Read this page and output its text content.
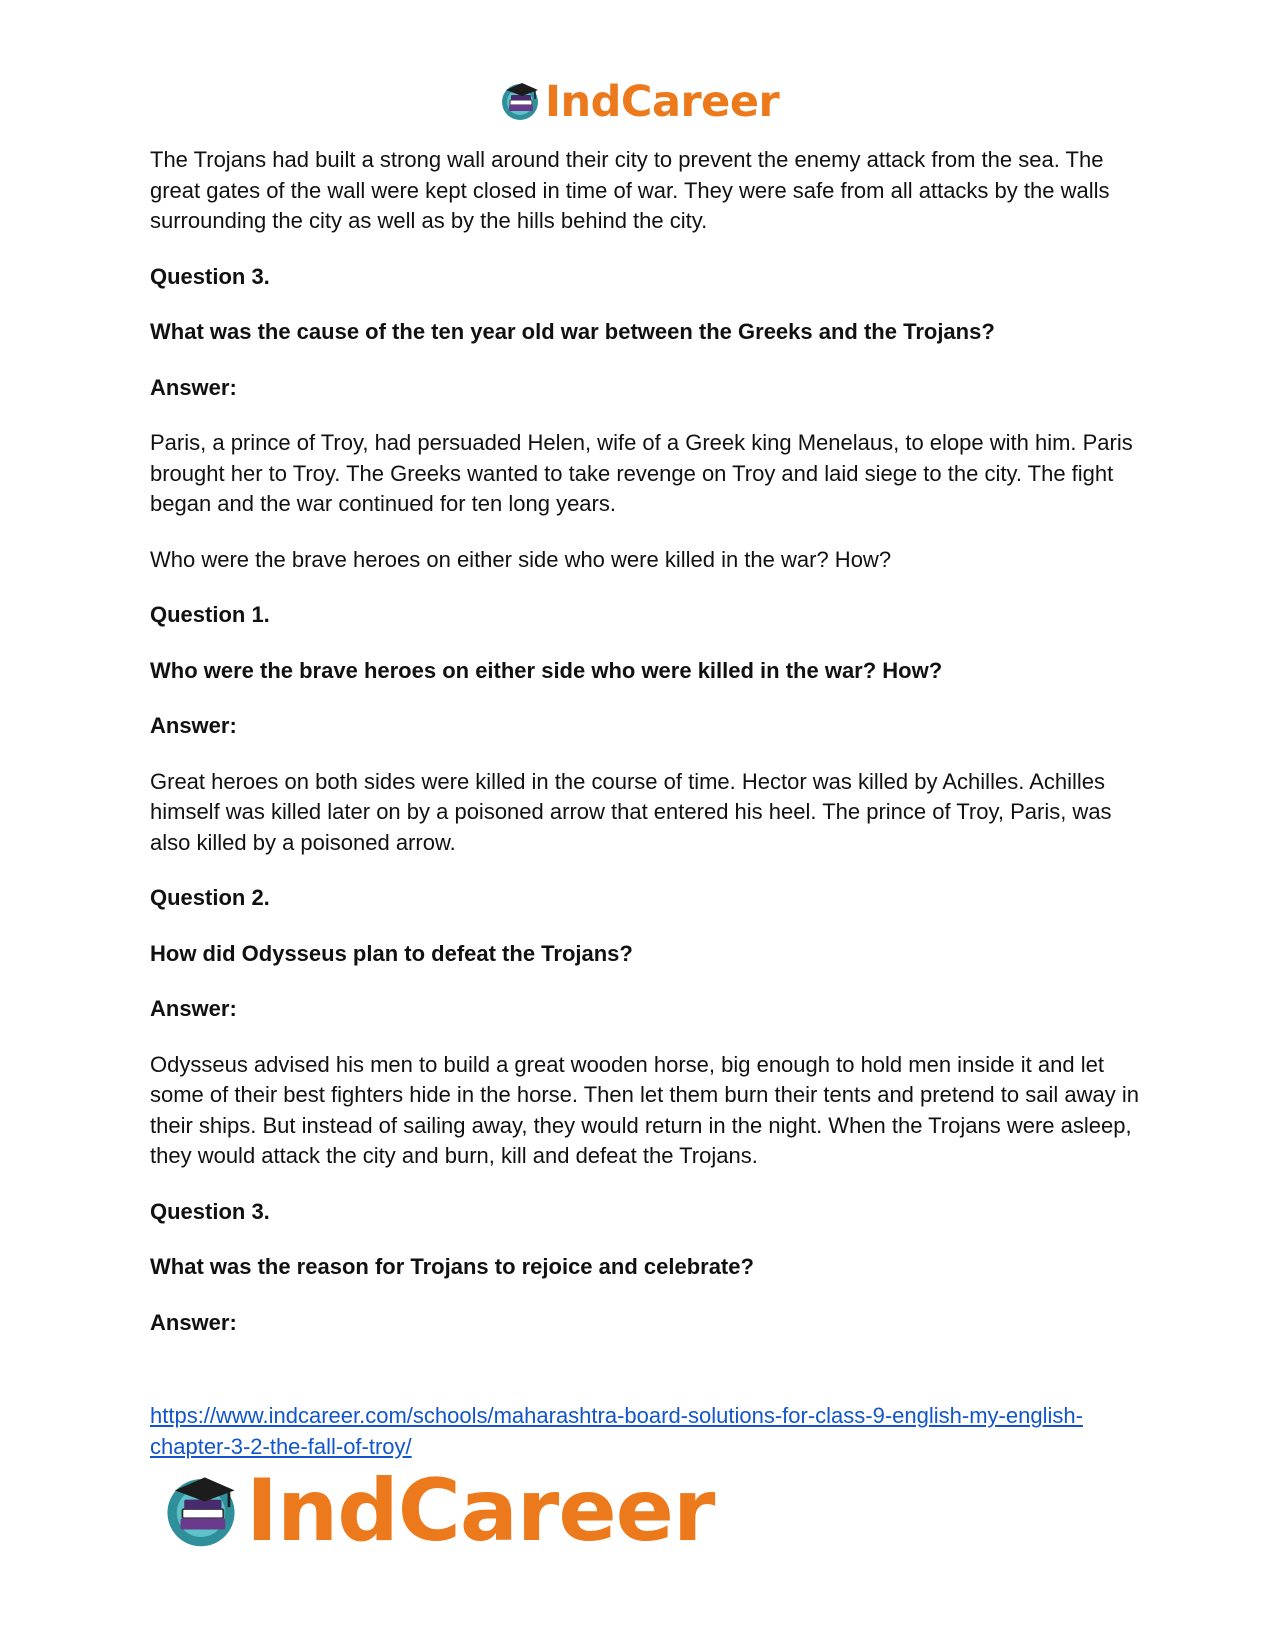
IndCareer

The Trojans had built a strong wall around their city to prevent the enemy attack from the sea. The great gates of the wall were kept closed in time of war. They were safe from all attacks by the walls surrounding the city as well as by the hills behind the city.

Question 3.

What was the cause of the ten year old war between the Greeks and the Trojans?

Answer:

Paris, a prince of Troy, had persuaded Helen, wife of a Greek king Menelaus, to elope with him. Paris brought her to Troy. The Greeks wanted to take revenge on Troy and laid siege to the city. The fight began and the war continued for ten long years.

Who were the brave heroes on either side who were killed in the war? How?

Question 1.

Who were the brave heroes on either side who were killed in the war? How?

Answer:

Great heroes on both sides were killed in the course of time. Hector was killed by Achilles. Achilles himself was killed later on by a poisoned arrow that entered his heel. The prince of Troy, Paris, was also killed by a poisoned arrow.

Question 2.

How did Odysseus plan to defeat the Trojans?

Answer:

Odysseus advised his men to build a great wooden horse, big enough to hold men inside it and let some of their best fighters hide in the horse. Then let them burn their tents and pretend to sail away in their ships. But instead of sailing away, they would return in the night. When the Trojans were asleep, they would attack the city and burn, kill and defeat the Trojans.

Question 3.

What was the reason for Trojans to rejoice and celebrate?

Answer:

https://www.indcareer.com/schools/maharashtra-board-solutions-for-class-9-english-my-english-chapter-3-2-the-fall-of-troy/
IndCareer
